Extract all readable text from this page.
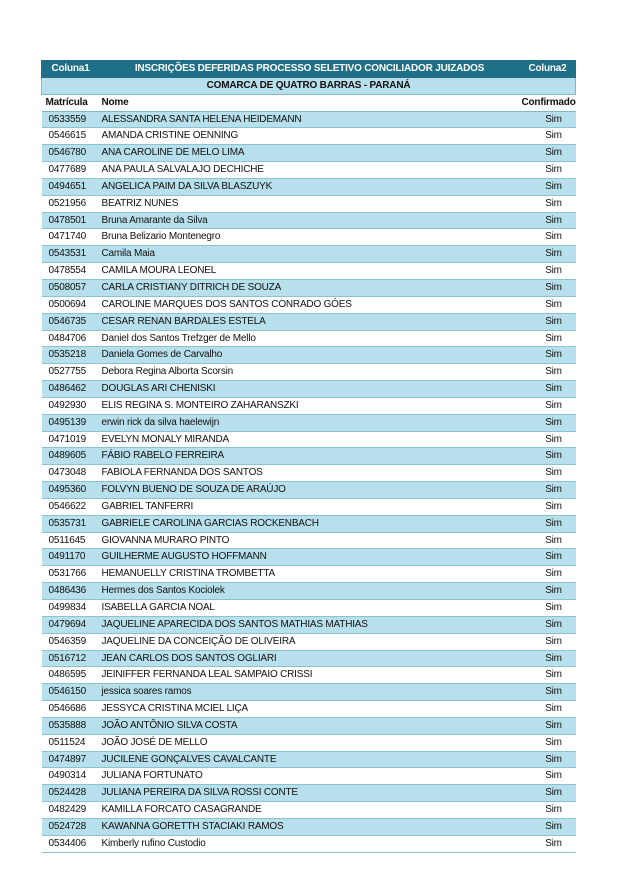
Coluna1	INSCRIÇÕES DEFERIDAS PROCESSO SELETIVO CONCILIADOR JUIZADOS	Coluna2
COMARCA DE QUATRO BARRAS - PARANÁ		
Matrícula	Nome	Confirmado
0533559	ALESSANDRA SANTA HELENA HEIDEMANN	Sim
0546615	AMANDA CRISTINE OENNING	Sim
0546780	ANA CAROLINE DE MELO LIMA	Sim
0477689	ANA PAULA SALVALAJO DECHICHE	Sim
0494651	ANGELICA PAIM DA SILVA BLASZUYK	Sim
0521956	BEATRIZ NUNES	Sim
0478501	Bruna Amarante da Silva	Sim
0471740	Bruna Belizario Montenegro	Sim
0543531	Camila Maia	Sim
0478554	CAMILA MOURA LEONEL	Sim
0508057	CARLA CRISTIANY DITRICH DE SOUZA	Sim
0500694	CAROLINE MARQUES DOS SANTOS CONRADO GÓES	Sim
0546735	CESAR RENAN BARDALES ESTELA	Sim
0484706	Daniel dos Santos Trefzger de Mello	Sim
0535218	Daniela Gomes de Carvalho	Sim
0527755	Debora Regina Alborta Scorsin	Sim
0486462	DOUGLAS ARI CHENISKI	Sim
0492930	ELIS REGINA S. MONTEIRO ZAHARANSZKI	Sim
0495139	erwin rick da silva haelewijn	Sim
0471019	EVELYN MONALY MIRANDA	Sim
0489605	FÁBIO RABELO FERREIRA	Sim
0473048	FABIOLA FERNANDA DOS SANTOS	Sim
0495360	FOLVYN BUENO DE SOUZA DE ARAÚJO	Sim
0546622	GABRIEL TANFERRI	Sim
0535731	GABRIELE CAROLINA GARCIAS ROCKENBACH	Sim
0511645	GIOVANNA MURARO PINTO	Sim
0491170	GUILHERME AUGUSTO HOFFMANN	Sim
0531766	HEMANUELLY CRISTINA TROMBETTA	Sim
0486436	Hermes dos Santos Kociolek	Sim
0499834	ISABELLA GARCIA NOAL	Sim
0479694	JAQUELINE APARECIDA DOS SANTOS MATHIAS MATHIAS	Sim
0546359	JAQUELINE DA CONCEIÇÃO DE OLIVEIRA	Sim
0516712	JEAN CARLOS DOS SANTOS OGLIARI	Sim
0486595	JEINIFFER FERNANDA LEAL SAMPAIO CRISSI	Sim
0546150	jessica soares ramos	Sim
0546686	JESSYCA CRISTINA MCIEL LIÇA	Sim
0535888	JOÃO ANTÔNIO SILVA COSTA	Sim
0511524	JOÃO JOSÉ DE MELLO	Sim
0474897	JUCILENE GONÇALVES CAVALCANTE	Sim
0490314	JULIANA FORTUNATO	Sim
0524428	JULIANA PEREIRA DA SILVA ROSSI CONTE	Sim
0482429	KAMILLA FORCATO CASAGRANDE	Sim
0524728	KAWANNA GORETTH STACIAKI RAMOS	Sim
0534406	Kimberly rufino Custodio	Sim
